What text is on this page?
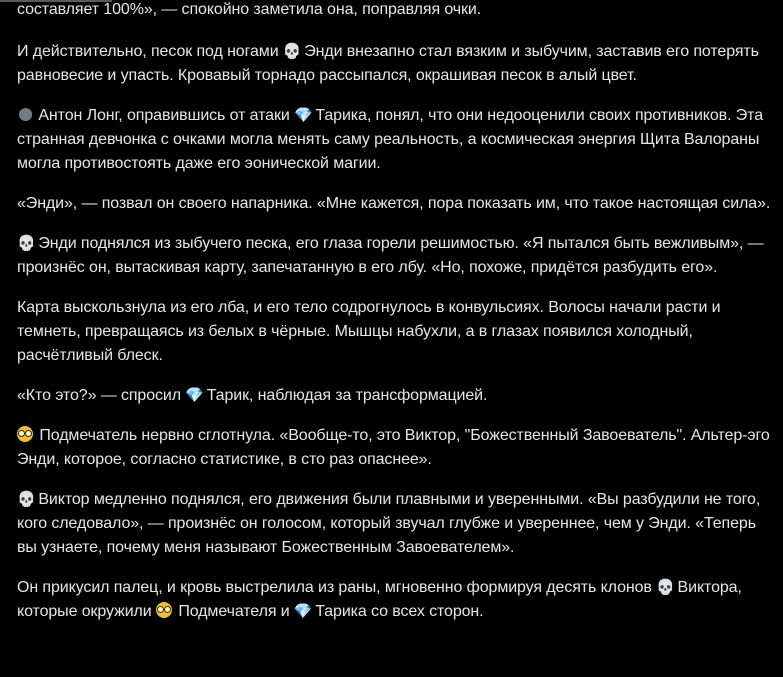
составляет 100%», — спокойно заметила она, поправляя очки.

И действительно, песок под ногами 💀 Энди внезапно стал вязким и зыбучим, заставив его потерять равновесие и упасть. Кровавый торнадо рассыпался, окрашивая песок в алый цвет.

🌑 Антон Лонг, оправившись от атаки 💎 Тарика, понял, что они недооценили своих противников. Эта странная девчонка с очками могла менять саму реальность, а космическая энергия Щита Валораны могла противостоять даже его эонической магии.

«Энди», — позвал он своего напарника. «Мне кажется, пора показать им, что такое настоящая сила».

💀 Энди поднялся из зыбучего песка, его глаза горели решимостью. «Я пытался быть вежливым», — произнёс он, вытаскивая карту, запечатанную в его лбу. «Но, похоже, придётся разбудить его».

Карта выскользнула из его лба, и его тело содрогнулось в конвульсиях. Волосы начали расти и темнеть, превращаясь из белых в чёрные. Мышцы набухли, а в глазах появился холодный, расчётливый блеск.

«Кто это?» — спросил 💎 Тарик, наблюдая за трансформацией.

Подмечатель нервно сглотнула. «Вообще-то, это Виктор, "Божественный Завоеватель". Альтер-эго Энди, которое, согласно статистике, в сто раз опаснее».

💀 Виктор медленно поднялся, его движения были плавными и уверенными. «Вы разбудили не того, кого следовало», — произнёс он голосом, который звучал глубже и увереннее, чем у Энди. «Теперь вы узнаете, почему меня называют Божественным Завоевателем».

Он прикусил палец, и кровь выстрелила из раны, мгновенно формируя десять клонов 💀 Виктора, которые окружили  Подмечателя и 💎 Тарика со всех сторон.
